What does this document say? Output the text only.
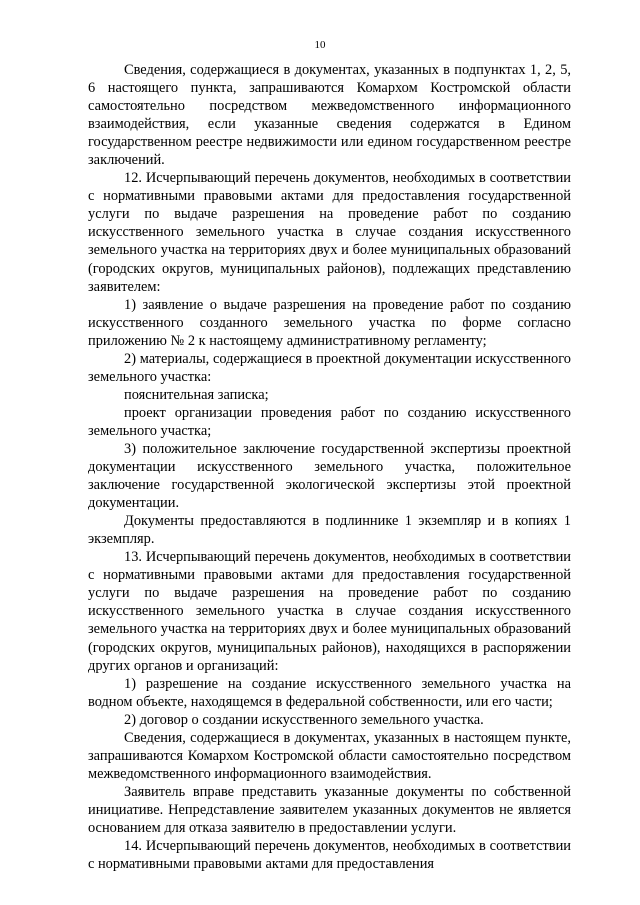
10

Сведения, содержащиеся в документах, указанных в подпунктах 1, 2, 5, 6 настоящего пункта, запрашиваются Комархом Костромской области самостоятельно посредством межведомственного информационного взаимодействия, если указанные сведения содержатся в Едином государственном реестре недвижимости или едином государственном реестре заключений.

12. Исчерпывающий перечень документов, необходимых в соответствии с нормативными правовыми актами для предоставления государственной услуги по выдаче разрешения на проведение работ по созданию искусственного земельного участка в случае создания искусственного земельного участка на территориях двух и более муниципальных образований (городских округов, муниципальных районов), подлежащих представлению заявителем:

1) заявление о выдаче разрешения на проведение работ по созданию искусственного созданного земельного участка по форме согласно приложению № 2 к настоящему административному регламенту;

2) материалы, содержащиеся в проектной документации искусственного земельного участка:

пояснительная записка;

проект организации проведения работ по созданию искусственного земельного участка;

3) положительное заключение государственной экспертизы проектной документации искусственного земельного участка, положительное заключение государственной экологической экспертизы этой проектной документации.

Документы предоставляются в подлиннике 1 экземпляр и в копиях 1 экземпляр.

13. Исчерпывающий перечень документов, необходимых в соответствии с нормативными правовыми актами для предоставления государственной услуги по выдаче разрешения на проведение работ по созданию искусственного земельного участка в случае создания искусственного земельного участка на территориях двух и более муниципальных образований (городских округов, муниципальных районов), находящихся в распоряжении других органов и организаций:

1) разрешение на создание искусственного земельного участка на водном объекте, находящемся в федеральной собственности, или его части;

2) договор о создании искусственного земельного участка.

Сведения, содержащиеся в документах, указанных в настоящем пункте, запрашиваются Комархом Костромской области самостоятельно посредством межведомственного информационного взаимодействия.

Заявитель вправе представить указанные документы по собственной инициативе. Непредставление заявителем указанных документов не является основанием для отказа заявителю в предоставлении услуги.

14. Исчерпывающий перечень документов, необходимых в соответствии с нормативными правовыми актами для предоставления
